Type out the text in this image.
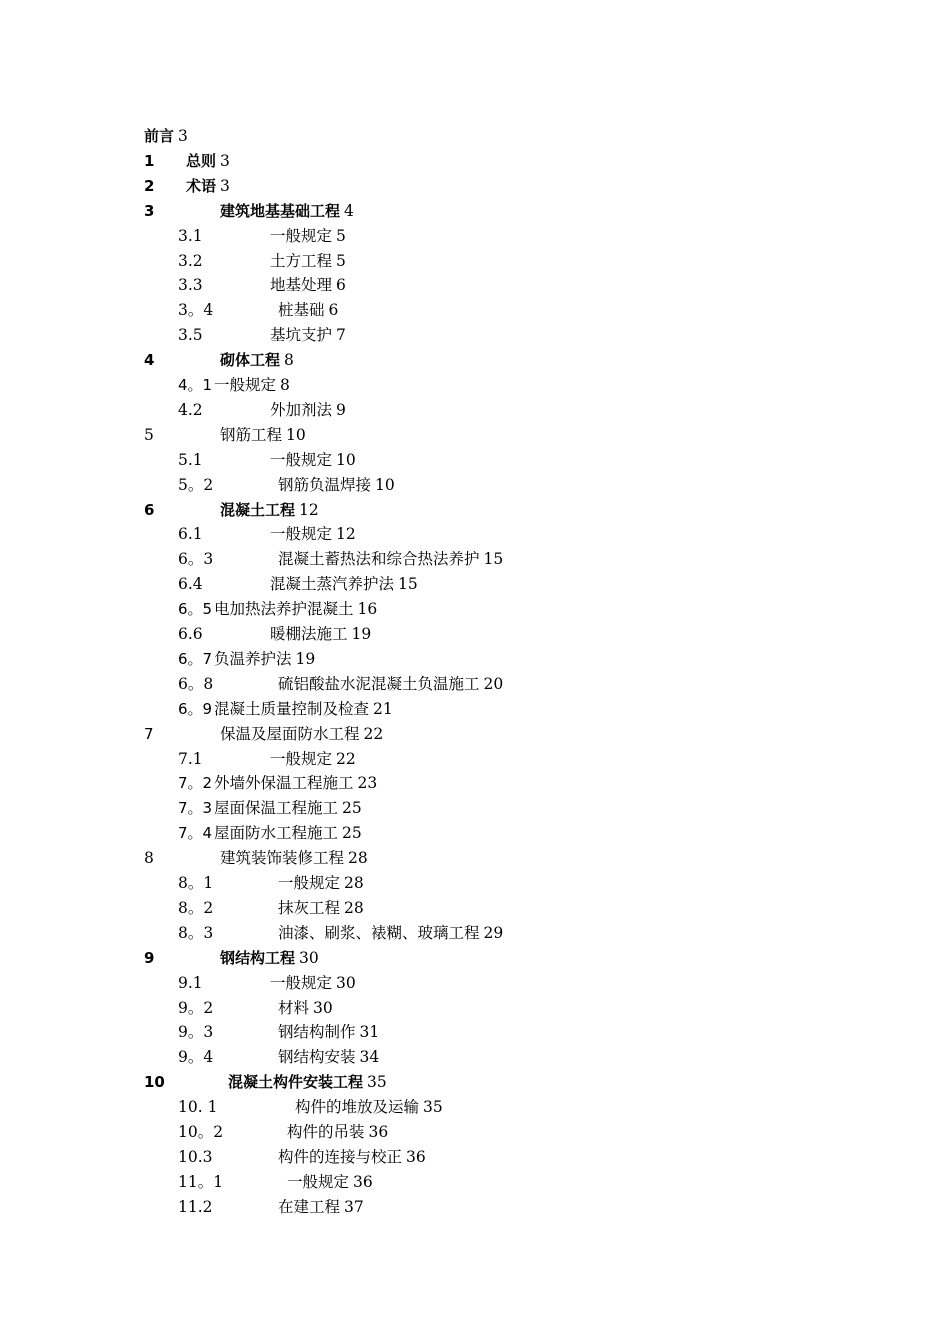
前言 3
1 总则 3
2 术语 3
3	建筑地基基础工程 4
3.1	一般规定 5
3.2	土方工程 5
3.3	地基处理 6
3。4	桩基础 6
3.5	基坑支护 7
4	砌体工程 8
4。1 一般规定 8
4.2	外加剂法 9
5	钢筋工程 10
5.1	一般规定 10
5。2	钢筋负温焊接 10
6	混凝土工程 12
6.1	一般规定 12
6。3	混凝土蓄热法和综合热法养护 15
6.4	混凝土蒸汽养护法 15
6。5 电加热法养护混凝土 16
6.6	暖棚法施工 19
6。7 负温养护法 19
6。8	硫铝酸盐水泥混凝土负温施工 20
6。9 混凝土质量控制及检查 21
7	保温及屋面防水工程 22
7.1	一般规定 22
7。2 外墙外保温工程施工 23
7。3 屋面保温工程施工 25
7。4 屋面防水工程施工 25
8	建筑装饰装修工程 28
8。1	一般规定 28
8。2	抹灰工程 28
8。3	油漆、刷浆、裱糊、玻璃工程 29
9	钢结构工程 30
9.1	一般规定 30
9。2	材料 30
9。3	钢结构制作 31
9。4	钢结构安装 34
10	混凝土构件安装工程 35
10. 1	构件的堆放及运输 35
10。2	构件的吊装 36
10.3	构件的连接与校正 36
11。1	一般规定 36
11.2	在建工程 37
